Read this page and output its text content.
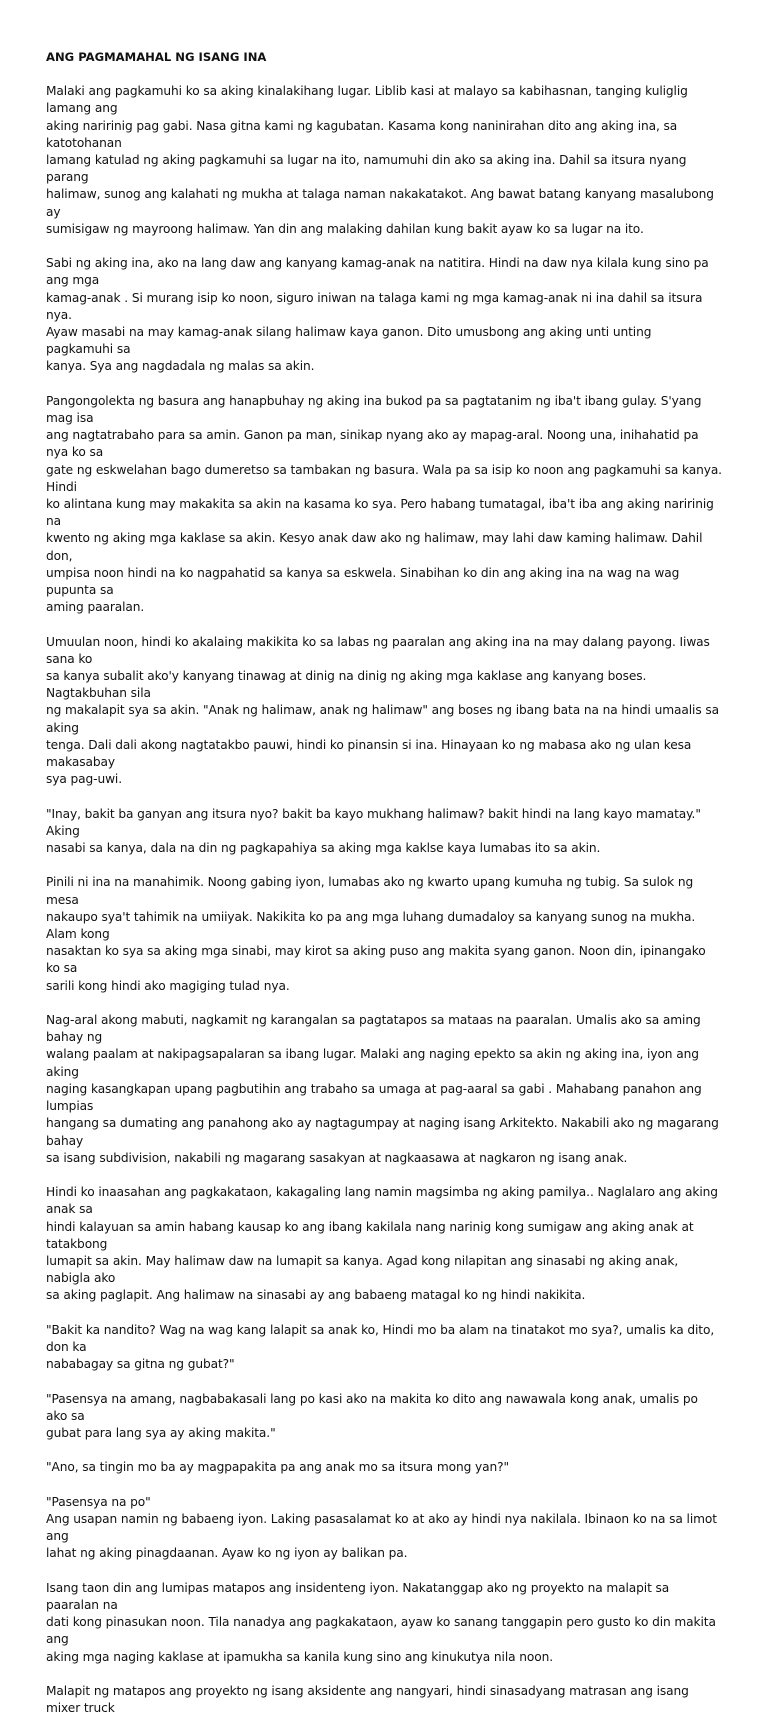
ANG PAGMAMAHAL NG ISANG INA
Malaki ang pagkamuhi ko sa aking kinalakihang lugar. Liblib kasi at malayo sa kabihasnan, tanging kuliglig lamang ang
aking naririnig pag gabi. Nasa gitna kami ng kagubatan. Kasama kong naninirahan dito ang aking ina, sa katotohanan
lamang katulad ng aking pagkamuhi sa lugar na ito, namumuhi din ako sa aking ina. Dahil sa itsura nyang parang
halimaw, sunog ang kalahati ng mukha at talaga naman nakakatakot. Ang bawat batang kanyang masalubong ay
sumisigaw ng mayroong halimaw. Yan din ang malaking dahilan kung bakit ayaw ko sa lugar na ito.
Sabi ng aking ina, ako na lang daw ang kanyang kamag-anak na natitira. Hindi na daw nya kilala kung sino pa ang mga
kamag-anak . Si murang isip ko noon, siguro iniwan na talaga kami ng mga kamag-anak ni ina dahil sa itsura nya.
Ayaw masabi na may kamag-anak silang halimaw kaya ganon. Dito umusbong ang aking unti unting pagkamuhi sa
kanya. Sya ang nagdadala ng malas sa akin.
Pangongolekta ng basura ang hanapbuhay ng aking ina bukod pa sa pagtatanim ng iba't ibang gulay. S'yang mag isa
ang nagtatrabaho para sa amin. Ganon pa man, sinikap nyang ako ay mapag-aral. Noong una, inihahatid pa nya ko sa
gate ng eskwelahan bago dumeretso sa tambakan ng basura. Wala pa sa isip ko noon ang pagkamuhi sa kanya. Hindi
ko alintana kung may makakita sa akin na kasama ko sya. Pero habang tumatagal, iba't iba ang aking naririnig na
kwento ng aking mga kaklase sa akin. Kesyo anak daw ako ng halimaw, may lahi daw kaming halimaw. Dahil don,
umpisa noon hindi na ko nagpahatid sa kanya sa eskwela. Sinabihan ko din ang aking ina na wag na wag pupunta sa
aming paaralan.
Umuulan noon, hindi ko akalaing makikita ko sa labas ng paaralan ang aking ina na may dalang payong. Iiwas sana ko
sa kanya subalit ako'y kanyang tinawag at dinig na dinig ng aking mga kaklase ang kanyang boses. Nagtakbuhan sila
ng makalapit sya sa akin. "Anak ng halimaw, anak ng halimaw" ang boses ng ibang bata na na hindi umaalis sa aking
tenga. Dali dali akong nagtatakbo pauwi, hindi ko pinansin si ina. Hinayaan ko ng mabasa ako ng ulan kesa makasabay
sya pag-uwi.
"Inay, bakit ba ganyan ang itsura nyo? bakit ba kayo mukhang halimaw? bakit hindi na lang kayo mamatay." Aking
nasabi sa kanya, dala na din ng pagkapahiya sa aking mga kaklse kaya lumabas ito sa akin.
Pinili ni ina na manahimik. Noong gabing iyon, lumabas ako ng kwarto upang kumuha ng tubig. Sa sulok ng mesa
nakaupo sya't tahimik na umiiyak. Nakikita ko pa ang mga luhang dumadaloy sa kanyang sunog na mukha. Alam kong
nasaktan ko sya sa aking mga sinabi, may kirot sa aking puso ang makita syang ganon. Noon din, ipinangako ko sa
sarili kong hindi ako magiging tulad nya.
Nag-aral akong mabuti, nagkamit ng karangalan sa pagtatapos sa mataas na paaralan. Umalis ako sa aming bahay ng
walang paalam at nakipagsapalaran sa ibang lugar. Malaki ang naging epekto sa akin ng aking ina, iyon ang aking
naging kasangkapan upang pagbutihin ang trabaho sa umaga at pag-aaral sa gabi . Mahabang panahon ang lumpias
hangang sa dumating ang panahong ako ay nagtagumpay at naging isang Arkitekto. Nakabili ako ng magarang bahay
sa isang subdivision, nakabili ng magarang sasakyan at nagkaasawa at nagkaron ng isang anak.
Hindi ko inaasahan ang pagkakataon, kakagaling lang namin magsimba ng aking pamilya.. Naglalaro ang aking anak sa
hindi kalayuan sa amin habang kausap ko ang ibang kakilala nang narinig kong sumigaw ang aking anak at tatakbong
lumapit sa akin. May halimaw daw na lumapit sa kanya. Agad kong nilapitan ang sinasabi ng aking anak, nabigla ako
sa aking paglapit. Ang halimaw na sinasabi ay ang babaeng matagal ko ng hindi nakikita.
"Bakit ka nandito? Wag na wag kang lalapit sa anak ko, Hindi mo ba alam na tinatakot mo sya?, umalis ka dito, don ka
nababagay sa gitna ng gubat?"
"Pasensya na amang, nagbabakasali lang po kasi ako na makita ko dito ang nawawala kong anak, umalis po ako sa
gubat para lang sya ay aking makita."
"Ano, sa tingin mo ba ay magpapakita pa ang anak mo sa itsura mong yan?"
"Pasensya na po"
Ang usapan namin ng babaeng iyon. Laking pasasalamat ko at ako ay hindi nya nakilala. Ibinaon ko na sa limot ang
lahat ng aking pinagdaanan. Ayaw ko ng iyon ay balikan pa.
Isang taon din ang lumipas matapos ang insidenteng iyon. Nakatanggap ako ng proyekto na malapit sa paaralan na
dati kong pinasukan noon. Tila nanadya ang pagkakataon, ayaw ko sanang tanggapin pero gusto ko din makita ang
aking mga naging kaklase at ipamukha sa kanila kung sino ang kinukutya nila noon.
Malapit ng matapos ang proyekto ng isang aksidente ang nangyari, hindi sinasadyang matrasan ang isang mixer truck
